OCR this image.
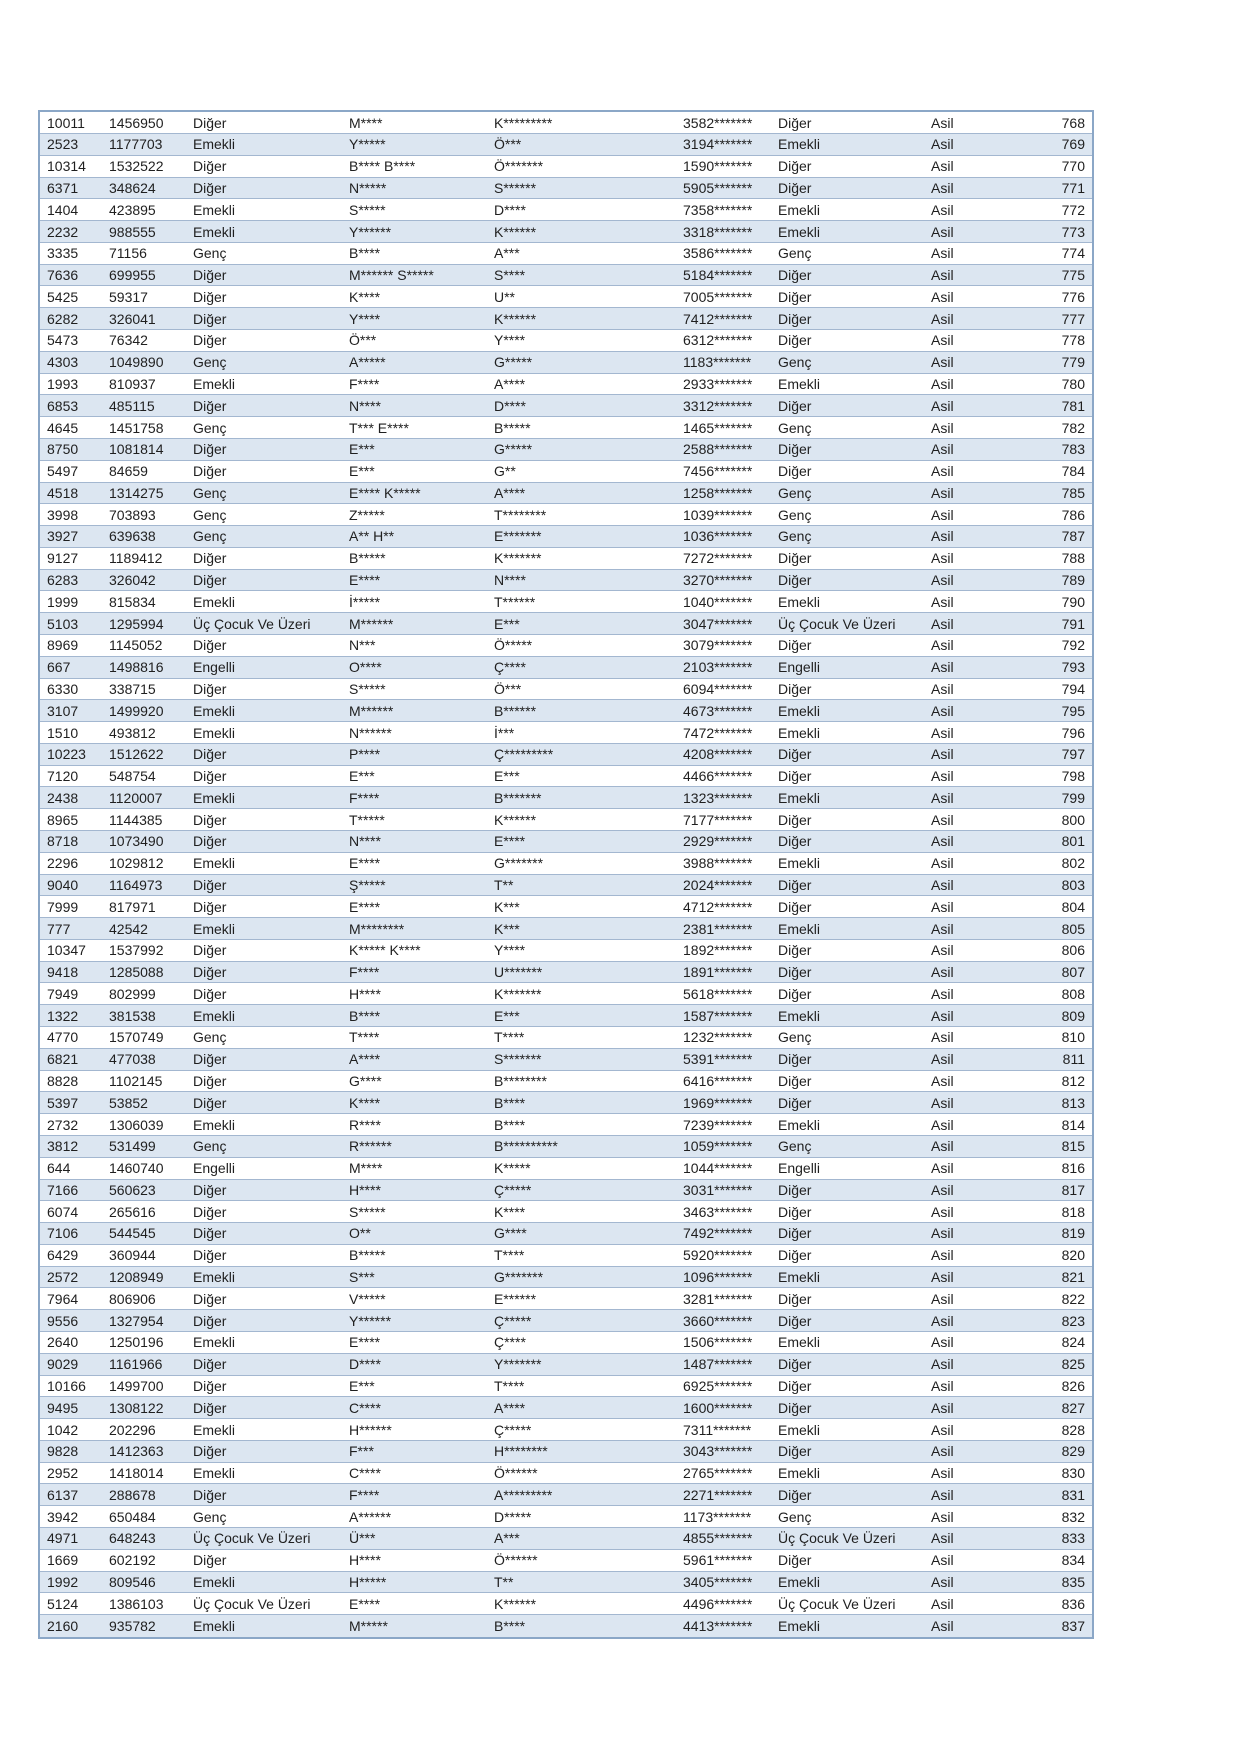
10011	1456950	Diğer	M****	K*********	3582*******	Diğer	Asil	768
2523	1177703	Emekli	Y*****	Ö***	3194*******	Emekli	Asil	769
10314	1532522	Diğer	B**** B****	Ö*******	1590*******	Diğer	Asil	770
6371	348624	Diğer	N*****	S******	5905*******	Diğer	Asil	771
1404	423895	Emekli	S*****	D****	7358*******	Emekli	Asil	772
2232	988555	Emekli	Y******	K******	3318*******	Emekli	Asil	773
3335	71156	Genç	B****	A***	3586*******	Genç	Asil	774
7636	699955	Diğer	M****** S*****	S****	5184*******	Diğer	Asil	775
5425	59317	Diğer	K****	U**	7005*******	Diğer	Asil	776
6282	326041	Diğer	Y****	K******	7412*******	Diğer	Asil	777
5473	76342	Diğer	Ö***	Y****	6312*******	Diğer	Asil	778
4303	1049890	Genç	A*****	G*****	1183*******	Genç	Asil	779
1993	810937	Emekli	F****	A****	2933*******	Emekli	Asil	780
6853	485115	Diğer	N****	D****	3312*******	Diğer	Asil	781
4645	1451758	Genç	T*** E****	B*****	1465*******	Genç	Asil	782
8750	1081814	Diğer	E***	G*****	2588*******	Diğer	Asil	783
5497	84659	Diğer	E***	G**	7456*******	Diğer	Asil	784
4518	1314275	Genç	E**** K*****	A****	1258*******	Genç	Asil	785
3998	703893	Genç	Z*****	T********	1039*******	Genç	Asil	786
3927	639638	Genç	A** H**	E*******	1036*******	Genç	Asil	787
9127	1189412	Diğer	B*****	K*******	7272*******	Diğer	Asil	788
6283	326042	Diğer	E****	N****	3270*******	Diğer	Asil	789
1999	815834	Emekli	İ*****	T******	1040*******	Emekli	Asil	790
5103	1295994	Üç Çocuk Ve Üzeri	M******	E***	3047*******	Üç Çocuk Ve Üzeri	Asil	791
8969	1145052	Diğer	N***	Ö*****	3079*******	Diğer	Asil	792
667	1498816	Engelli	O****	Ç****	2103*******	Engelli	Asil	793
6330	338715	Diğer	S*****	Ö***	6094*******	Diğer	Asil	794
3107	1499920	Emekli	M******	B******	4673*******	Emekli	Asil	795
1510	493812	Emekli	N******	İ***	7472*******	Emekli	Asil	796
10223	1512622	Diğer	P****	Ç*********	4208*******	Diğer	Asil	797
7120	548754	Diğer	E***	E***	4466*******	Diğer	Asil	798
2438	1120007	Emekli	F****	B*******	1323*******	Emekli	Asil	799
8965	1144385	Diğer	T*****	K******	7177*******	Diğer	Asil	800
8718	1073490	Diğer	N****	E****	2929*******	Diğer	Asil	801
2296	1029812	Emekli	E****	G*******	3988*******	Emekli	Asil	802
9040	1164973	Diğer	Ş*****	T**	2024*******	Diğer	Asil	803
7999	817971	Diğer	E****	K***	4712*******	Diğer	Asil	804
777	42542	Emekli	M********	K***	2381*******	Emekli	Asil	805
10347	1537992	Diğer	K***** K****	Y****	1892*******	Diğer	Asil	806
9418	1285088	Diğer	F****	U*******	1891*******	Diğer	Asil	807
7949	802999	Diğer	H****	K*******	5618*******	Diğer	Asil	808
1322	381538	Emekli	B****	E***	1587*******	Emekli	Asil	809
4770	1570749	Genç	T****	T****	1232*******	Genç	Asil	810
6821	477038	Diğer	A****	S*******	5391*******	Diğer	Asil	811
8828	1102145	Diğer	G****	B********	6416*******	Diğer	Asil	812
5397	53852	Diğer	K****	B****	1969*******	Diğer	Asil	813
2732	1306039	Emekli	R****	B****	7239*******	Emekli	Asil	814
3812	531499	Genç	R******	B**********	1059*******	Genç	Asil	815
644	1460740	Engelli	M****	K*****	1044*******	Engelli	Asil	816
7166	560623	Diğer	H****	Ç*****	3031*******	Diğer	Asil	817
6074	265616	Diğer	S*****	K****	3463*******	Diğer	Asil	818
7106	544545	Diğer	O**	G****	7492*******	Diğer	Asil	819
6429	360944	Diğer	B*****	T****	5920*******	Diğer	Asil	820
2572	1208949	Emekli	S***	G*******	1096*******	Emekli	Asil	821
7964	806906	Diğer	V*****	E******	3281*******	Diğer	Asil	822
9556	1327954	Diğer	Y******	Ç*****	3660*******	Diğer	Asil	823
2640	1250196	Emekli	E****	Ç****	1506*******	Emekli	Asil	824
9029	1161966	Diğer	D****	Y*******	1487*******	Diğer	Asil	825
10166	1499700	Diğer	E***	T****	6925*******	Diğer	Asil	826
9495	1308122	Diğer	C****	A****	1600*******	Diğer	Asil	827
1042	202296	Emekli	H******	Ç*****	7311*******	Emekli	Asil	828
9828	1412363	Diğer	F***	H********	3043*******	Diğer	Asil	829
2952	1418014	Emekli	C****	Ö******	2765*******	Emekli	Asil	830
6137	288678	Diğer	F****	A*********	2271*******	Diğer	Asil	831
3942	650484	Genç	A******	D*****	1173*******	Genç	Asil	832
4971	648243	Üç Çocuk Ve Üzeri	Ü***	A***	4855*******	Üç Çocuk Ve Üzeri	Asil	833
1669	602192	Diğer	H****	Ö******	5961*******	Diğer	Asil	834
1992	809546	Emekli	H*****	T**	3405*******	Emekli	Asil	835
5124	1386103	Üç Çocuk Ve Üzeri	E****	K******	4496*******	Üç Çocuk Ve Üzeri	Asil	836
2160	935782	Emekli	M*****	B****	4413*******	Emekli	Asil	837
